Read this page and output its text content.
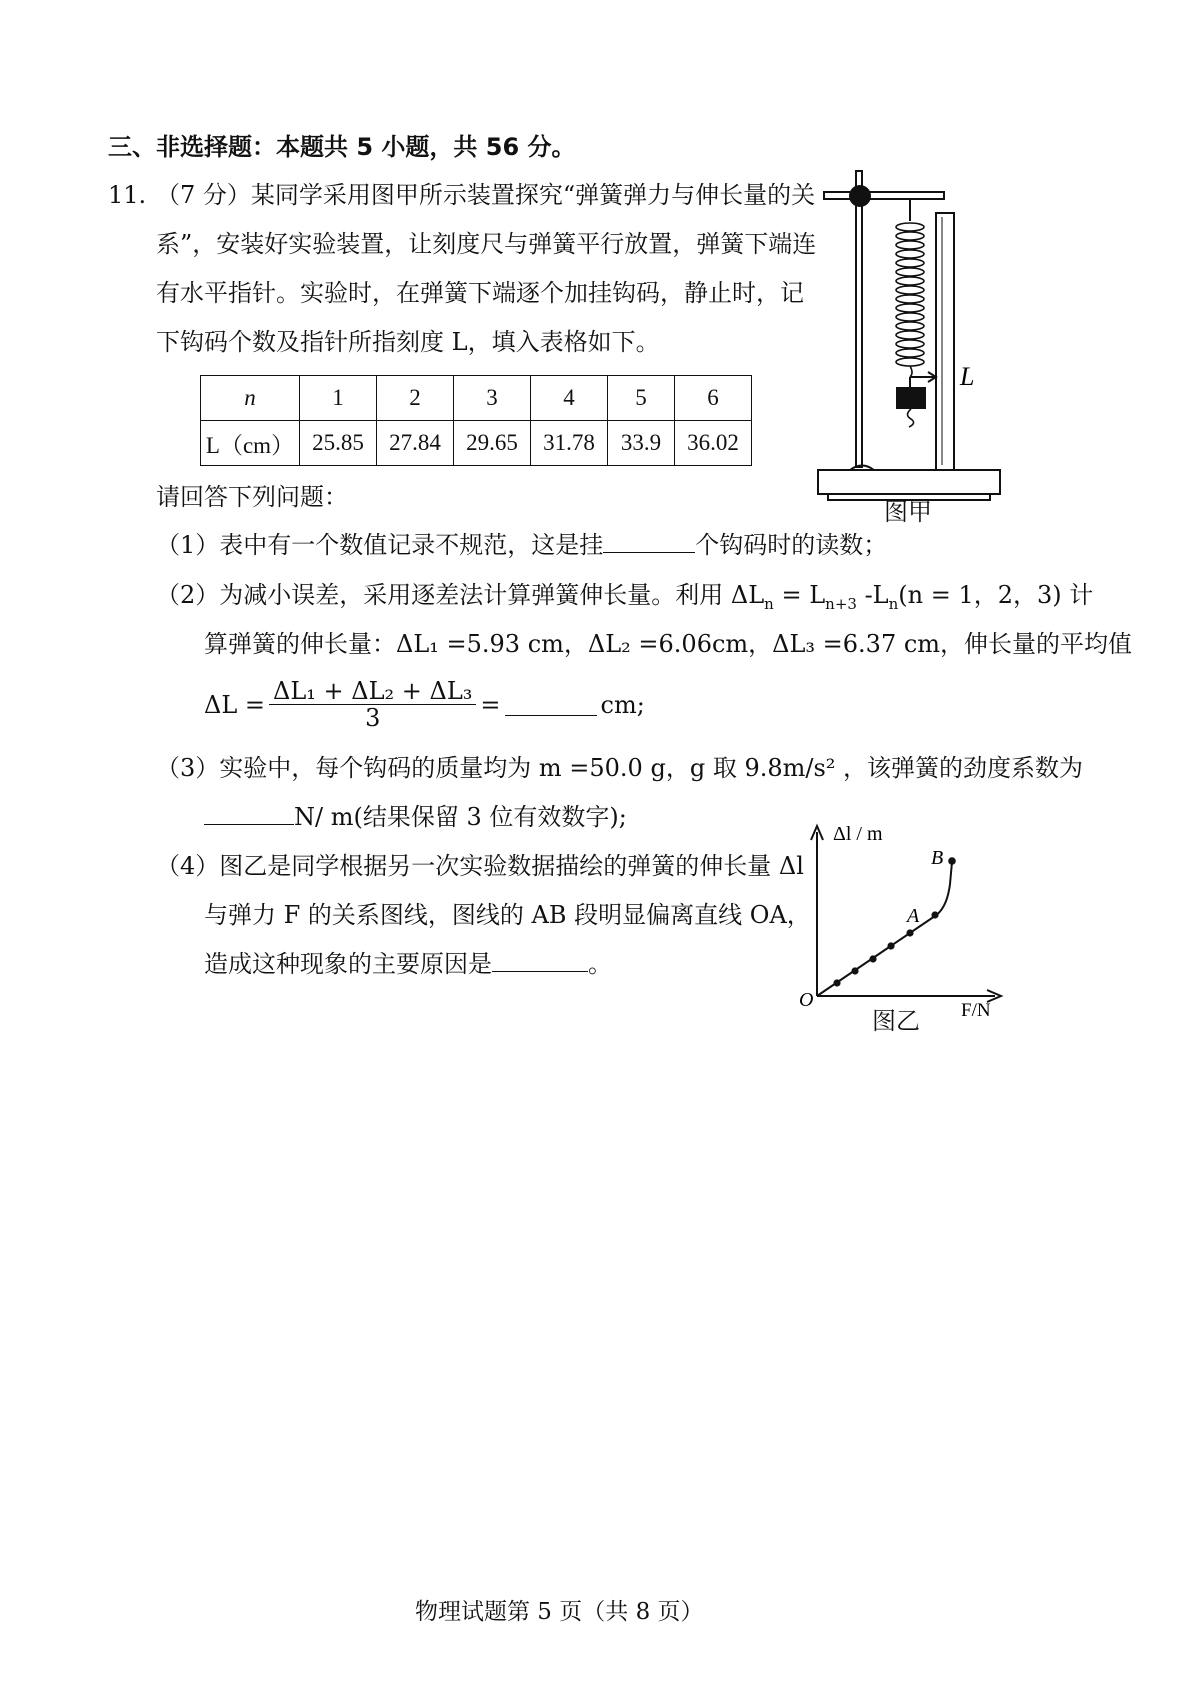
三、非选择题：本题共 5 小题，共 56 分。
11. （7 分）某同学采用图甲所示装置探究“弹簧弹力与伸长量的关
系”，安装好实验装置，让刻度尺与弹簧平行放置，弹簧下端连
有水平指针。实验时，在弹簧下端逐个加挂钩码，静止时，记
下钩码个数及指针所指刻度 L，填入表格如下。
n	1	2	3	4	5	6
L（cm）	25.85	27.84	29.65	31.78	33.9	36.02
请回答下列问题：
（1）表中有一个数值记录不规范，这是挂	个钩码时的读数；
（2）为减小误差，采用逐差法计算弹簧伸长量。利用 $\Delta L_n = L_{n+3}$ $-L_n(n = 1$，2，3) 计
算弹簧的伸长量：ΔL₁ =5.93 cm，ΔL₂ =6.06cm，ΔL₃ =6.37 cm，伸长量的平均值
$\Delta L = \frac{\text{ΔL₁ + ΔL₂ + ΔL₃}}{3}$ =	cm;
（3）实验中，每个钩码的质量均为 m =50.0 g，g 取 9.8m/s² ，该弹簧的劲度系数为
N/ m(结果保留 3 位有效数字);
（4）图乙是同学根据另一次实验数据描绘的弹簧的伸长量 Δl
与弹力 F 的关系图线，图线的 AB 段明显偏离直线 OA，
造成这种现象的主要原因是	。
L
图甲
Δl / m
O
A
B
F/N
图乙
物理试题第 5 页（共 8 页）
